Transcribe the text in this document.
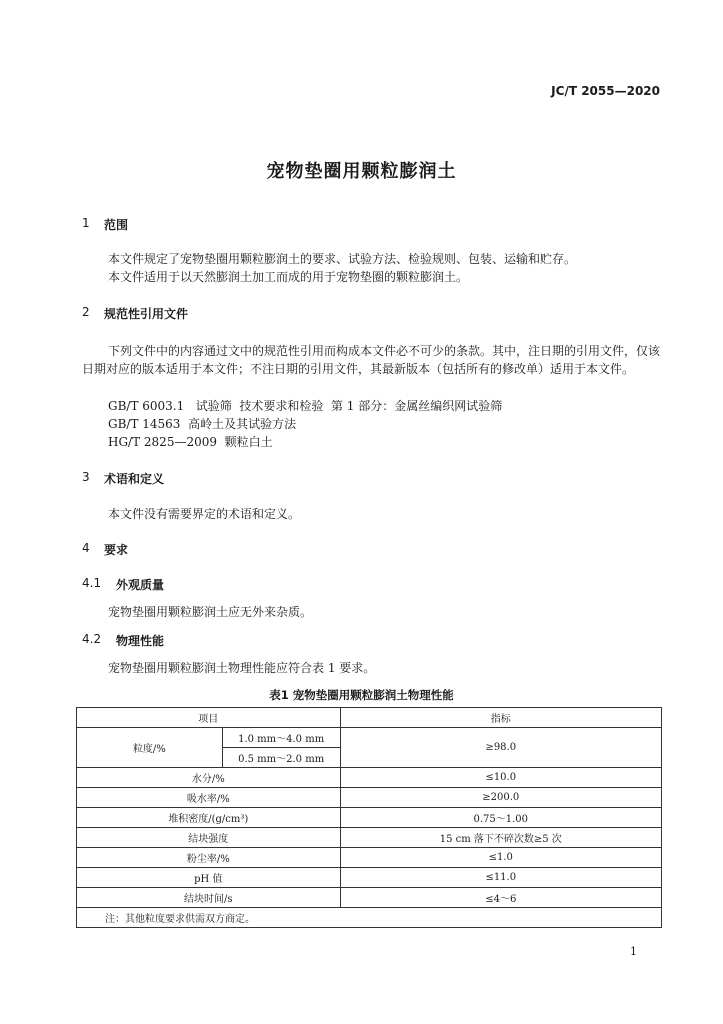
JC/T 2055—2020
宠物垫圈用颗粒膨润土
1	范围
本文件规定了宠物垫圈用颗粒膨润土的要求、试验方法、检验规则、包装、运输和贮存。
本文件适用于以天然膨润土加工而成的用于宠物垫圈的颗粒膨润土。
2	规范性引用文件
下列文件中的内容通过文中的规范性引用而构成本文件必不可少的条款。其中，注日期的引用文件，仅该日期对应的版本适用于本文件；不注日期的引用文件，其最新版本（包括所有的修改单）适用于本文件。
GB/T 6003.1   试验筛  技术要求和检验  第 1 部分：金属丝编织网试验筛
GB/T 14563  高岭土及其试验方法
HG/T 2825—2009  颗粒白土
3	术语和定义
本文件没有需要界定的术语和定义。
4	要求
4.1	外观质量
宠物垫圈用颗粒膨润土应无外来杂质。
4.2	物理性能
宠物垫圈用颗粒膨润土物理性能应符合表 1 要求。
表1 宠物垫圈用颗粒膨润土物理性能
项目		指标
粒度/%	1.0 mm～4.0 mm	≥98.0
	0.5 mm～2.0 mm	
水分/%		≤10.0
吸水率/%		≥200.0
堆积密度/(g/cm³)		0.75～1.00
结块强度		15 cm 落下不碎次数≥5 次
粉尘率/%		≤1.0
pH 值		≤11.0
结块时间/s		≤4～6
注：其他粒度要求供需双方商定。		
1
